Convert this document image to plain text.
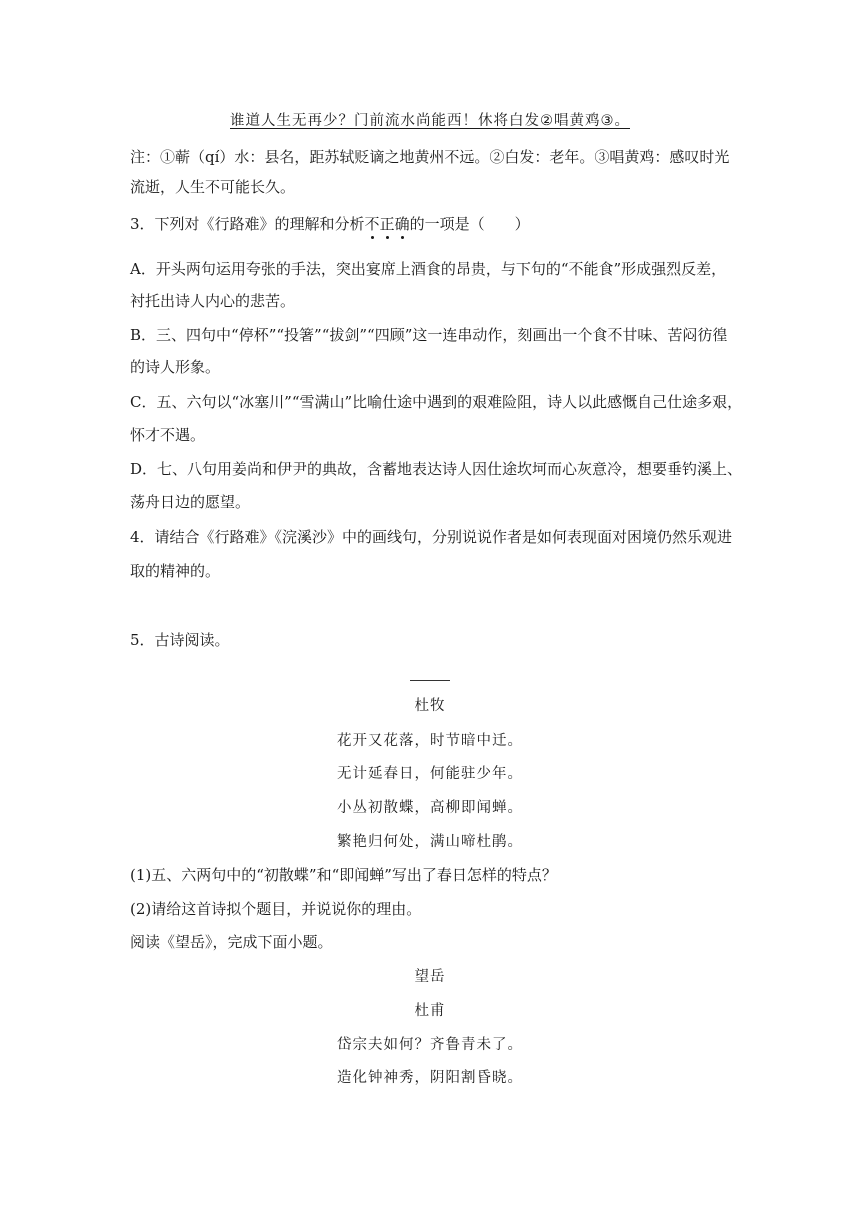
谁道人生无再少？门前流水尚能西！休将白发②唱黄鸡③。
注：①蕲（qí）水：县名，距苏轼贬谪之地黄州不远。②白发：老年。③唱黄鸡：感叹时光
流逝，人生不可能长久。
3．下列对《行路难》的理解和分析不正确的一项是（　　）
A．开头两句运用夸张的手法，突出宴席上酒食的昂贵，与下句的“不能食”形成强烈反差，
衬托出诗人内心的悲苦。
B．三、四句中“停杯”“投箸”“拔剑”“四顾”这一连串动作，刻画出一个食不甘味、苦闷彷徨
的诗人形象。
C．五、六句以“冰塞川”“雪满山”比喻仕途中遇到的艰难险阻，诗人以此感慨自己仕途多艰，
怀才不遇。
D．七、八句用姜尚和伊尹的典故，含蓄地表达诗人因仕途坎坷而心灰意冷，想要垂钓溪上、
荡舟日边的愿望。
4．请结合《行路难》《浣溪沙》中的画线句，分别说说作者是如何表现面对困境仍然乐观进
取的精神的。
5．古诗阅读。
杜牧
花开又花落，时节暗中迁。
无计延春日，何能驻少年。
小丛初散蝶，高柳即闻蝉。
繁艳归何处，满山啼杜鹃。
(1)五、六两句中的“初散蝶”和“即闻蝉”写出了春日怎样的特点？
(2)请给这首诗拟个题目，并说说你的理由。
阅读《望岳》，完成下面小题。
望岳
杜甫
岱宗夫如何？齐鲁青未了。
造化钟神秀，阴阳割昏晓。
